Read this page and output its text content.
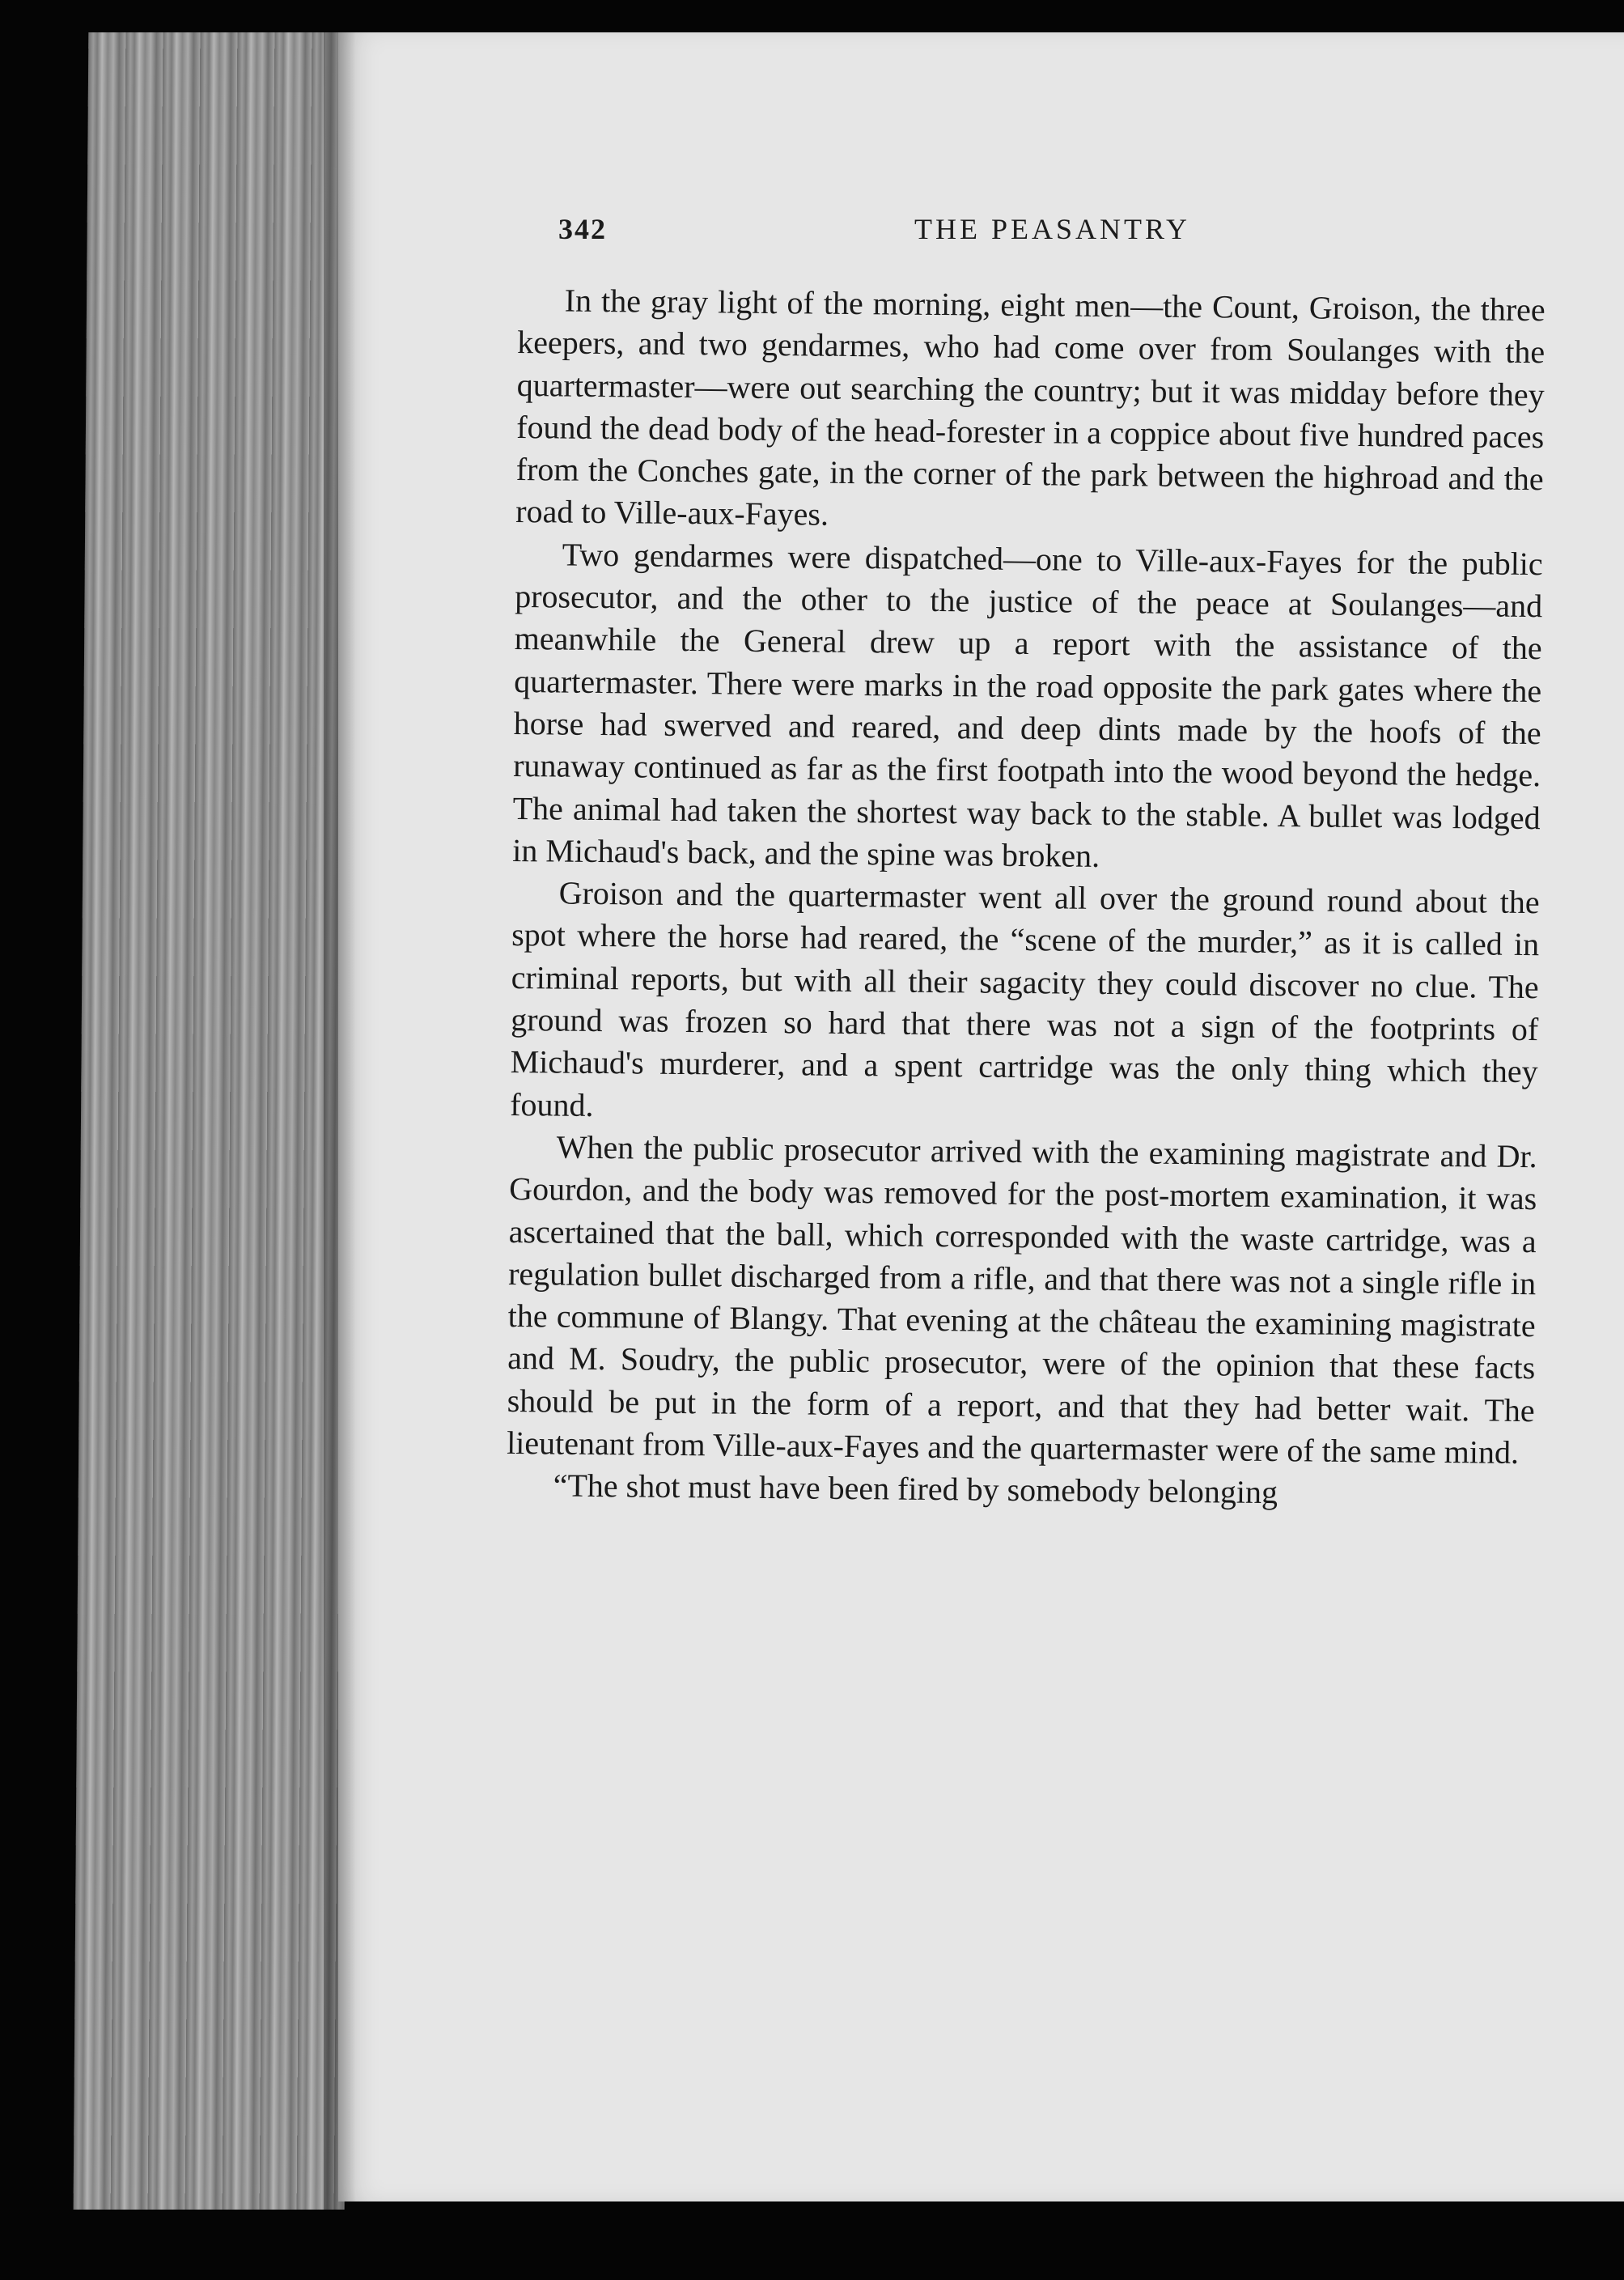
342	THE PEASANTRY

In the gray light of the morning, eight men—the Count, Groison, the three keepers, and two gendarmes, who had come over from Soulanges with the quartermaster—were out searching the country; but it was midday before they found the dead body of the head-forester in a coppice about five hundred paces from the Conches gate, in the corner of the park between the highroad and the road to Ville-aux-Fayes.

Two gendarmes were dispatched—one to Ville-aux-Fayes for the public prosecutor, and the other to the justice of the peace at Soulanges—and meanwhile the General drew up a report with the assistance of the quartermaster. There were marks in the road opposite the park gates where the horse had swerved and reared, and deep dints made by the hoofs of the runaway continued as far as the first footpath into the wood beyond the hedge. The animal had taken the shortest way back to the stable. A bullet was lodged in Michaud's back, and the spine was broken.

Groison and the quartermaster went all over the ground round about the spot where the horse had reared, the “scene of the murder,” as it is called in criminal reports, but with all their sagacity they could discover no clue. The ground was frozen so hard that there was not a sign of the footprints of Michaud's murderer, and a spent cartridge was the only thing which they found.

When the public prosecutor arrived with the examining magistrate and Dr. Gourdon, and the body was removed for the post-mortem examination, it was ascertained that the ball, which corresponded with the waste cartridge, was a regulation bullet discharged from a rifle, and that there was not a single rifle in the commune of Blangy. That evening at the château the examining magistrate and M. Soudry, the public prosecutor, were of the opinion that these facts should be put in the form of a report, and that they had better wait. The lieutenant from Ville-aux-Fayes and the quartermaster were of the same mind.

“The shot must have been fired by somebody belonging
